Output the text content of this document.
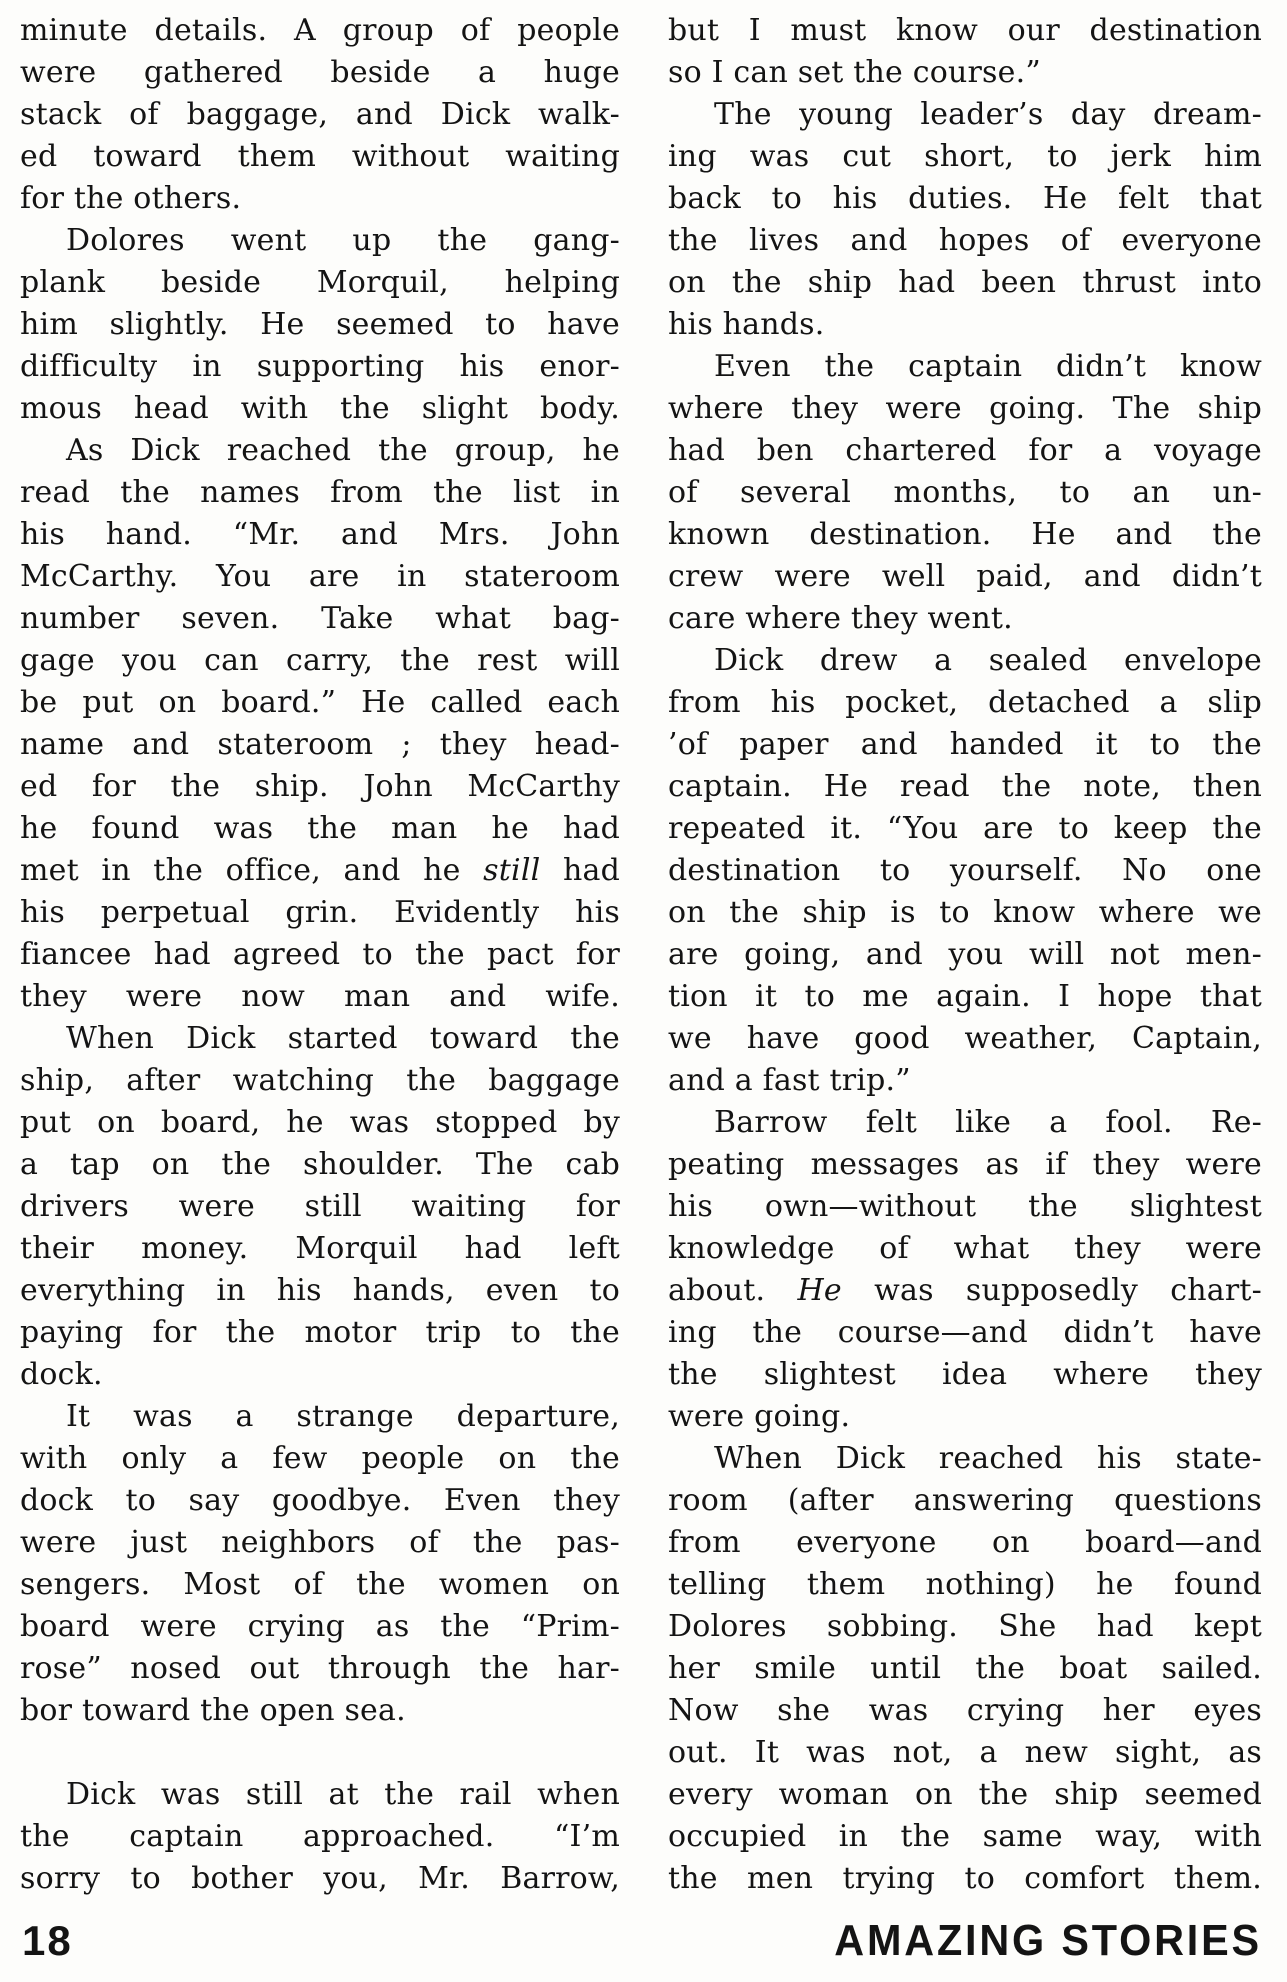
minute details. A group of people
were gathered beside a huge
stack of baggage, and Dick walk-
ed toward them without waiting
for the others.
Dolores went up the gang-
plank beside Morquil, helping
him slightly. He seemed to have
difficulty in supporting his enor-
mous head with the slight body.
As Dick reached the group, he
read the names from the list in
his hand. “Mr. and Mrs. John
McCarthy. You are in stateroom
number seven. Take what bag-
gage you can carry, the rest will
be put on board.” He called each
name and stateroom ; they head-
ed for the ship. John McCarthy
he found was the man he had
met in the office, and he still had
his perpetual grin. Evidently his
fiancee had agreed to the pact for
they were now man and wife.
When Dick started toward the
ship, after watching the baggage
put on board, he was stopped by
a tap on the shoulder. The cab
drivers were still waiting for
their money. Morquil had left
everything in his hands, even to
paying for the motor trip to the
dock.
It was a strange departure,
with only a few people on the
dock to say goodbye. Even they
were just neighbors of the pas-
sengers. Most of the women on
board were crying as the “Prim-
rose” nosed out through the har-
bor toward the open sea.
Dick was still at the rail when
the captain approached. “I’m
sorry to bother you, Mr. Barrow,
but I must know our destination
so I can set the course.”
The young leader’s day dream-
ing was cut short, to jerk him
back to his duties. He felt that
the lives and hopes of everyone
on the ship had been thrust into
his hands.
Even the captain didn’t know
where they were going. The ship
had ben chartered for a voyage
of several months, to an un-
known destination. He and the
crew were well paid, and didn’t
care where they went.
Dick drew a sealed envelope
from his pocket, detached a slip
’of paper and handed it to the
captain. He read the note, then
repeated it. “You are to keep the
destination to yourself. No one
on the ship is to know where we
are going, and you will not men-
tion it to me again. I hope that
we have good weather, Captain,
and a fast trip.”
Barrow felt like a fool. Re-
peating messages as if they were
his own—without the slightest
knowledge of what they were
about. He was supposedly chart-
ing the course—and didn’t have
the slightest idea where they
were going.
When Dick reached his state-
room (after answering questions
from everyone on board—and
telling them nothing) he found
Dolores sobbing. She had kept
her smile until the boat sailed.
Now she was crying her eyes
out. It was not, a new sight, as
every woman on the ship seemed
occupied in the same way, with
the men trying to comfort them.
18	AMAZING STORIES
